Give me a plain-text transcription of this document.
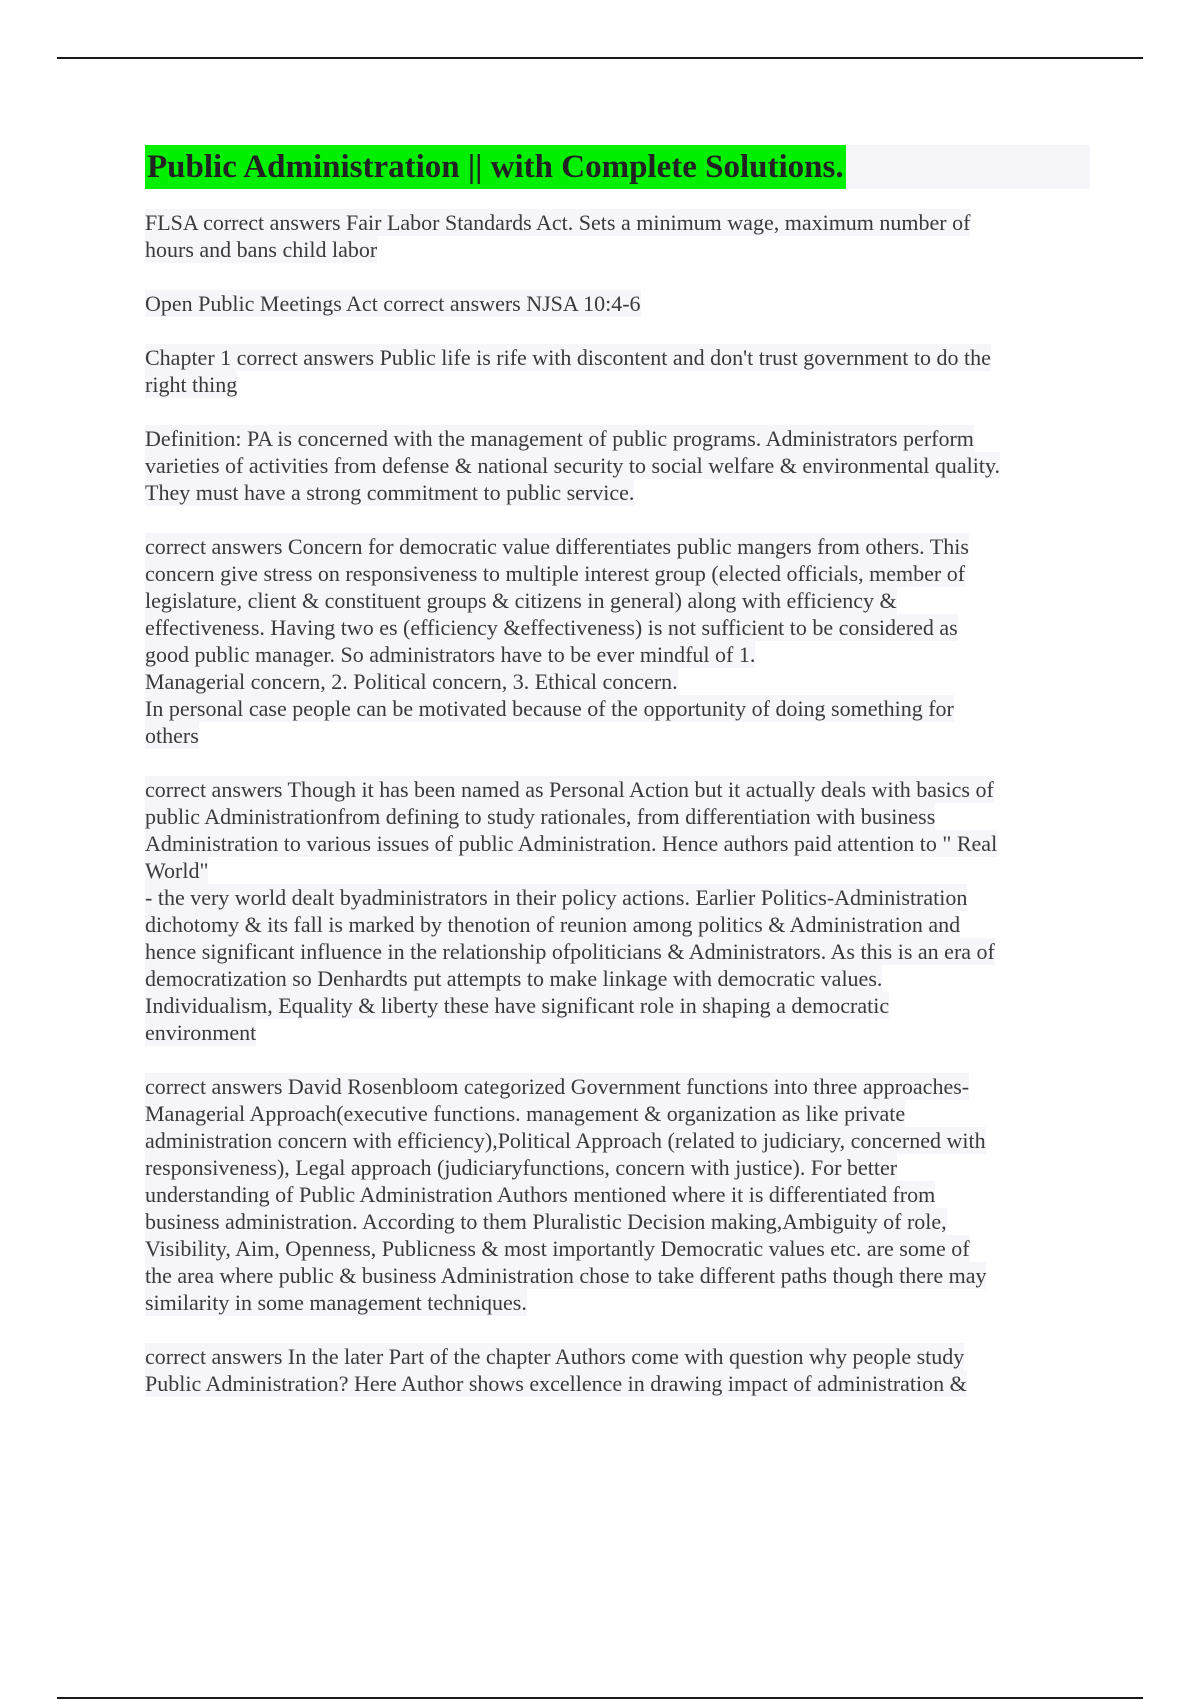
Public Administration || with Complete Solutions.
FLSA correct answers Fair Labor Standards Act. Sets a minimum wage, maximum number of
hours and bans child labor
Open Public Meetings Act correct answers NJSA 10:4-6
Chapter 1 correct answers Public life is rife with discontent and don't trust government to do the
right thing
Definition: PA is concerned with the management of public programs. Administrators perform
varieties of activities from defense & national security to social welfare & environmental quality.
They must have a strong commitment to public service.
correct answers Concern for democratic value differentiates public mangers from others. This
concern give stress on responsiveness to multiple interest group (elected officials, member of
legislature, client & constituent groups & citizens in general) along with efficiency &
effectiveness. Having two es (efficiency &effectiveness) is not sufficient to be considered as
good public manager. So administrators have to be ever mindful of 1.
Managerial concern, 2. Political concern, 3. Ethical concern.
In personal case people can be motivated because of the opportunity of doing something for
others
correct answers Though it has been named as Personal Action but it actually deals with basics of
public Administrationfrom defining to study rationales, from differentiation with business
Administration to various issues of public Administration. Hence authors paid attention to " Real
World"
- the very world dealt byadministrators in their policy actions. Earlier Politics-Administration
dichotomy & its fall is marked by thenotion of reunion among politics & Administration and
hence significant influence in the relationship ofpoliticians & Administrators. As this is an era of
democratization so Denhardts put attempts to make linkage with democratic values.
Individualism, Equality & liberty these have significant role in shaping a democratic
environment
correct answers David Rosenbloom categorized Government functions into three approaches-
Managerial Approach(executive functions. management & organization as like private
administration concern with efficiency),Political Approach (related to judiciary, concerned with
responsiveness), Legal approach (judiciaryfunctions, concern with justice). For better
understanding of Public Administration Authors mentioned where it is differentiated from
business administration. According to them Pluralistic Decision making,Ambiguity of role,
Visibility, Aim, Openness, Publicness & most importantly Democratic values etc. are some of
the area where public & business Administration chose to take different paths though there may
similarity in some management techniques.
correct answers In the later Part of the chapter Authors come with question why people study
Public Administration? Here Author shows excellence in drawing impact of administration &
